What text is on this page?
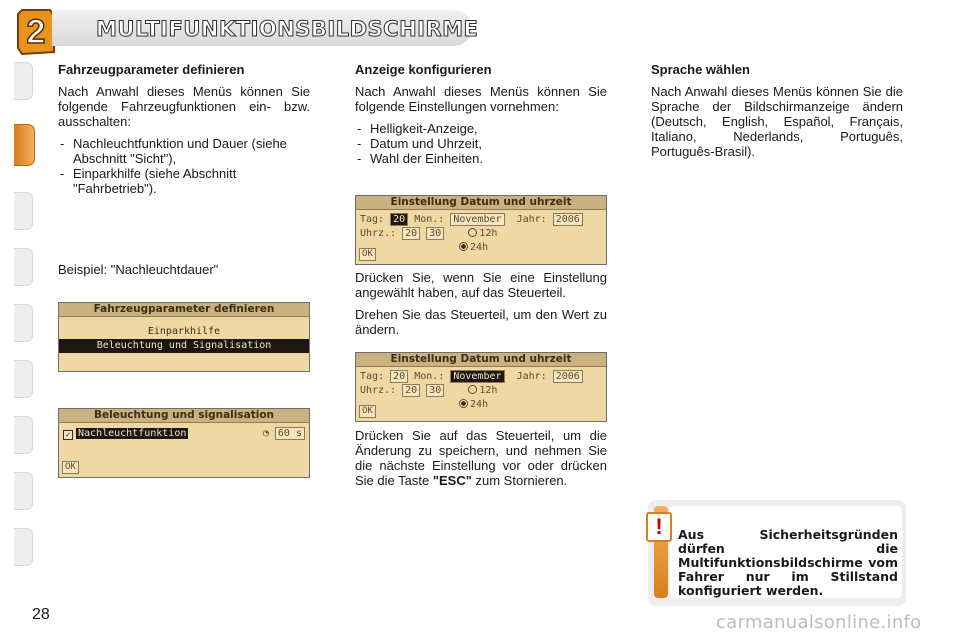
2	MULTIFUNKTIONSBILDSCHIRME
Fahrzeugparameter definieren

Nach Anwahl dieses Menüs können Sie folgende Fahrzeugfunktionen ein- bzw. ausschalten:

- Nachleuchtfunktion und Dauer (siehe Abschnitt "Sicht"),
- Einparkhilfe (siehe Abschnitt "Fahrbetrieb").
Beispiel: "Nachleuchtdauer"
Fahrzeugparameter definieren
Einparkhilfe
Beleuchtung und Signalisation
Beleuchtung und signalisation
✓ Nachleuchtfunktion	◔ 60 s
OK
Anzeige konfigurieren

Nach Anwahl dieses Menüs können Sie folgende Einstellungen vornehmen:

- Helligkeit-Anzeige,
- Datum und Uhrzeit,
- Wahl der Einheiten.
Einstellung Datum und uhrzeit
Tag: 20 Mon.: November Jahr: 2006
Uhrz.: 20 30	12h
24h
OK

Drücken Sie, wenn Sie eine Einstellung angewählt haben, auf das Steuerteil.

Drehen Sie das Steuerteil, um den Wert zu ändern.

Einstellung Datum und uhrzeit
Tag: 20 Mon.: November Jahr: 2006
Uhrz.: 20 30	12h
24h
OK

Drücken Sie auf das Steuerteil, um die Änderung zu speichern, und nehmen Sie die nächste Einstellung vor oder drücken Sie die Taste "ESC" zum Stornieren.

Sprache wählen

Nach Anwahl dieses Menüs können Sie die Sprache der Bildschirmanzeige ändern (Deutsch, English, Español, Français, Italiano, Nederlands, Português, Português-Brasil).

!	Aus Sicherheitsgründen dürfen die Multifunktionsbildschirme vom Fahrer nur im Stillstand konfiguriert werden.
28	carmanualsonline.info
